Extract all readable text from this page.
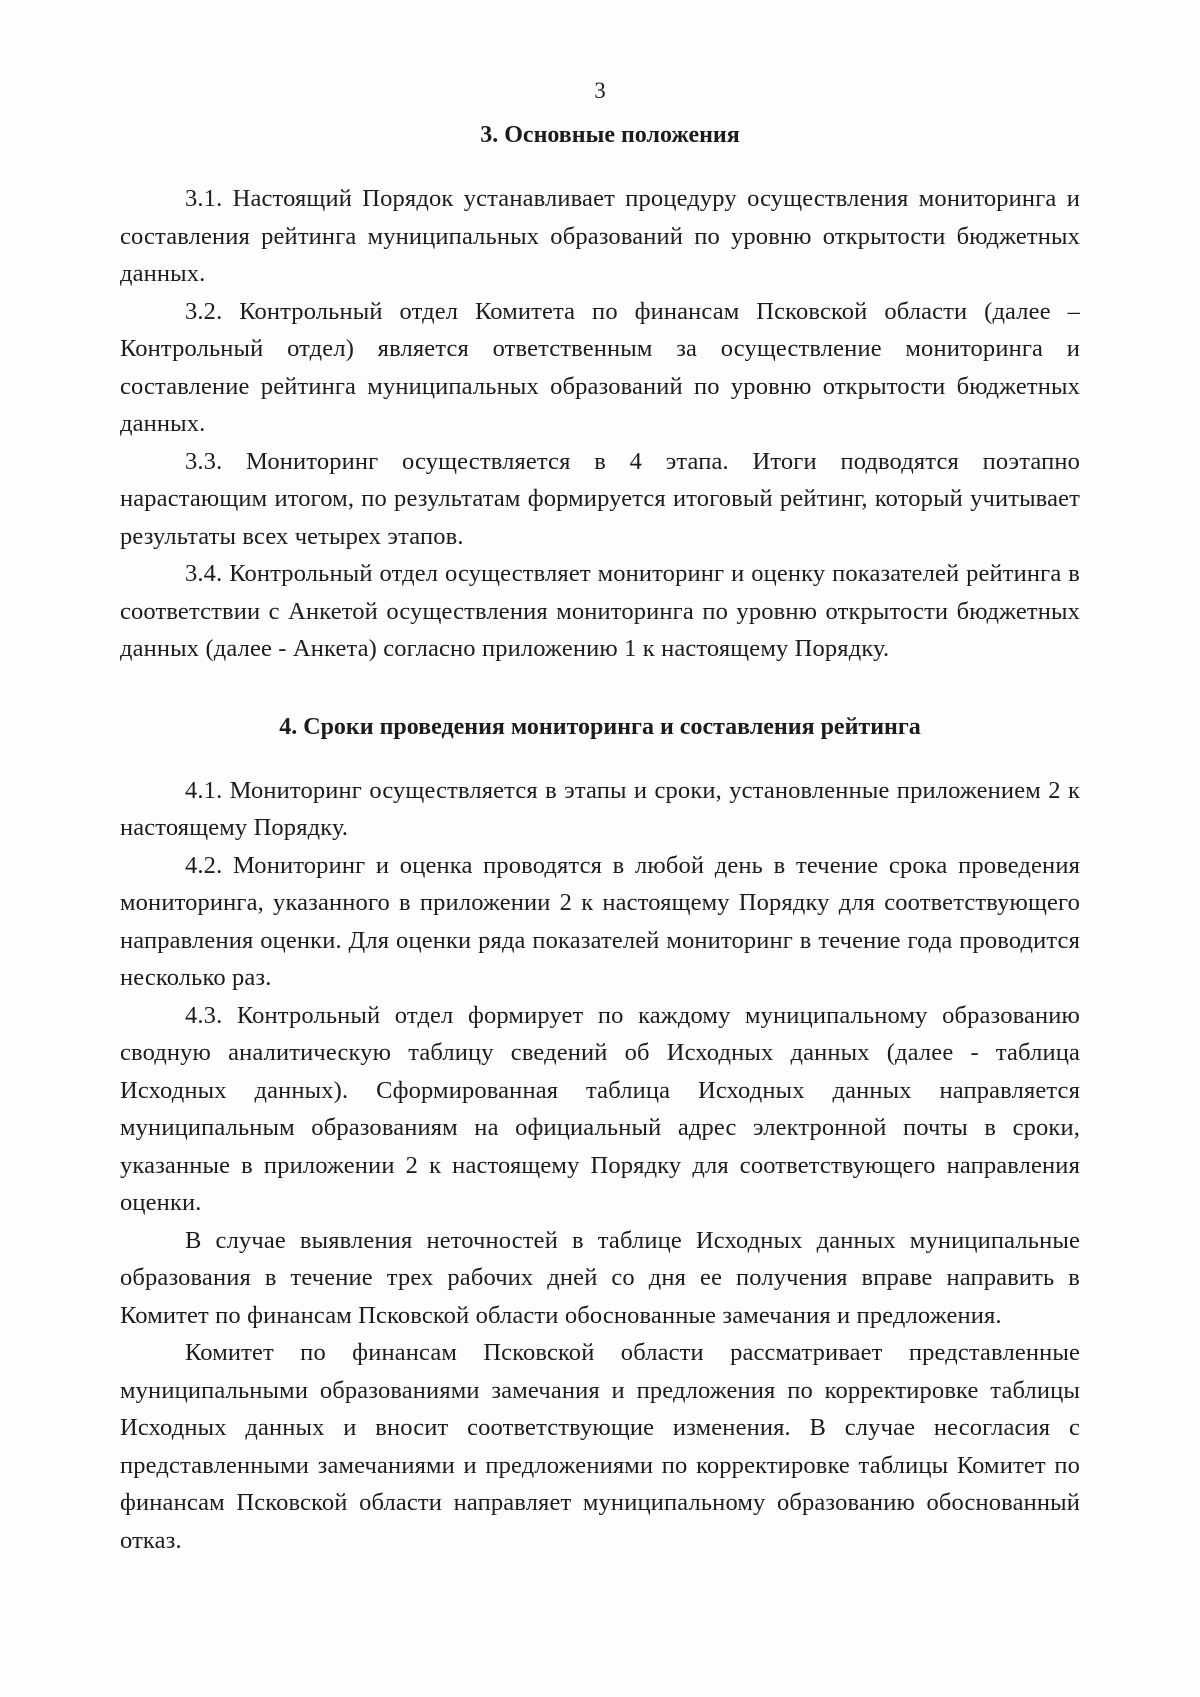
3
3. Основные положения

3.1. Настоящий Порядок устанавливает процедуру осуществления мониторинга и составления рейтинга муниципальных образований по уровню открытости бюджетных данных.

3.2. Контрольный отдел Комитета по финансам Псковской области (далее – Контрольный отдел) является ответственным за осуществление мониторинга и составление рейтинга муниципальных образований по уровню открытости бюджетных данных.

3.3. Мониторинг осуществляется в 4 этапа. Итоги подводятся поэтапно нарастающим итогом, по результатам формируется итоговый рейтинг, который учитывает результаты всех четырех этапов.

3.4. Контрольный отдел осуществляет мониторинг и оценку показателей рейтинга в соответствии с Анкетой осуществления мониторинга по уровню открытости бюджетных данных (далее - Анкета) согласно приложению 1 к настоящему Порядку.

4. Сроки проведения мониторинга и составления рейтинга

4.1. Мониторинг осуществляется в этапы и сроки, установленные приложением 2 к настоящему Порядку.

4.2. Мониторинг и оценка проводятся в любой день в течение срока проведения мониторинга, указанного в приложении 2 к настоящему Порядку для соответствующего направления оценки. Для оценки ряда показателей мониторинг в течение года проводится несколько раз.

4.3. Контрольный отдел формирует по каждому муниципальному образованию сводную аналитическую таблицу сведений об Исходных данных (далее - таблица Исходных данных). Сформированная таблица Исходных данных направляется муниципальным образованиям на официальный адрес электронной почты в сроки, указанные в приложении 2 к настоящему Порядку для соответствующего направления оценки.

В случае выявления неточностей в таблице Исходных данных муниципальные образования в течение трех рабочих дней со дня ее получения вправе направить в Комитет по финансам Псковской области обоснованные замечания и предложения.

Комитет по финансам Псковской области рассматривает представленные муниципальными образованиями замечания и предложения по корректировке таблицы Исходных данных и вносит соответствующие изменения. В случае несогласия с представленными замечаниями и предложениями по корректировке таблицы Комитет по финансам Псковской области направляет муниципальному образованию обоснованный отказ.
